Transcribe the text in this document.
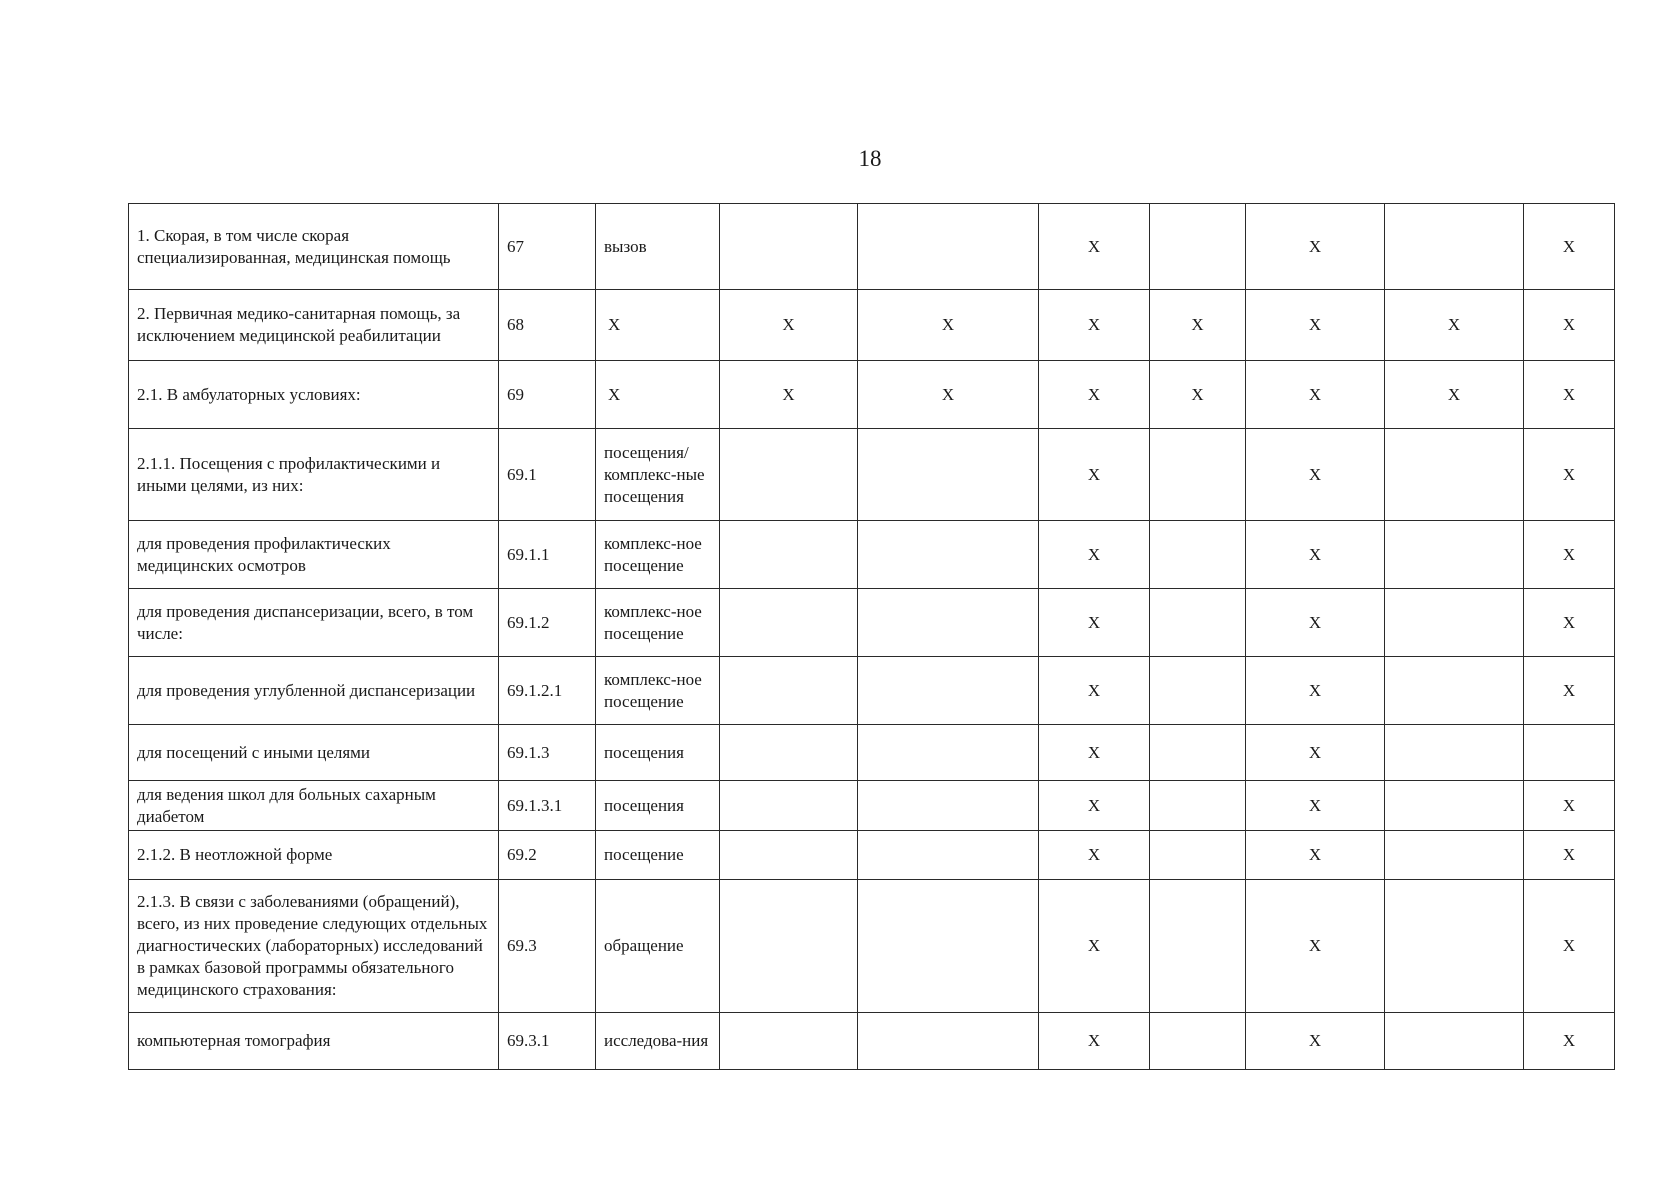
18
1. Скорая, в том числе скорая специализированная, медицинская помощь	67	вызов			X		X		X
2. Первичная медико-санитарная помощь, за исключением медицинской реабилитации	68	X	X	X	X	X	X	X	X
2.1. В амбулаторных условиях:	69	X	X	X	X	X	X	X	X
2.1.1. Посещения с профилактическими и иными целями, из них:	69.1	посещения/ комплекс-ные посещения			X		X		X
для проведения профилактических медицинских осмотров	69.1.1	комплекс-ное посещение			X		X		X
для проведения диспансеризации, всего, в том числе:	69.1.2	комплекс-ное посещение			X		X		X
для проведения углубленной диспансеризации	69.1.2.1	комплекс-ное посещение			X		X		X
для посещений с иными целями	69.1.3	посещения			X		X		
для ведения школ для больных сахарным диабетом	69.1.3.1	посещения			X		X		X
2.1.2. В неотложной форме	69.2	посещение			X		X		X
2.1.3. В связи с заболеваниями (обращений), всего, из них проведение следующих отдельных диагностических (лабораторных) исследований в рамках базовой программы обязательного медицинского страхования:	69.3	обращение			X		X		X
компьютерная томография	69.3.1	исследова-ния			X		X		X
